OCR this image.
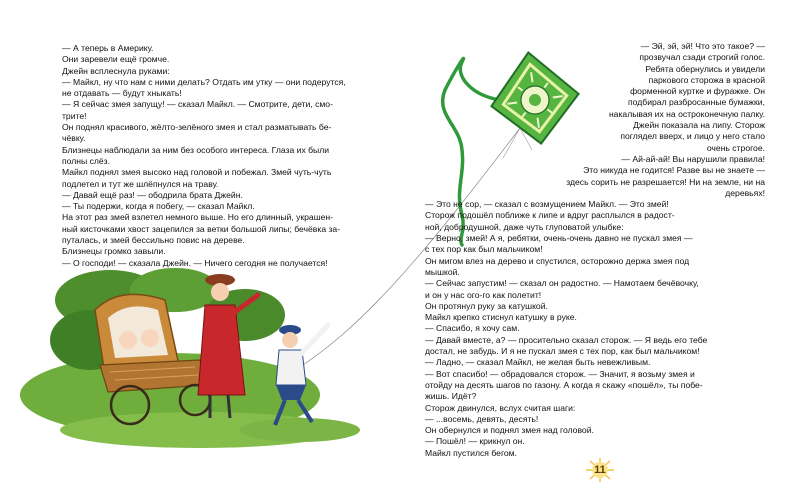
— А теперь в Америку.

Они заревели ещё громче.

Джейн всплеснула руками:

— Майкл, ну что нам с ними делать? Отдать им утку — они подерутся,

не отдавать — будут хныкать!

— Я сейчас змея запущу! — сказал Майкл. — Смотрите, дети, смо-

трите!

Он поднял красивого, жёлто-зелёного змея и стал разматывать бе-

чёвку.

Близнецы наблюдали за ним без особого интереса. Глаза их были

полны слёз.

Майкл поднял змея высоко над головой и побежал. Змей чуть-чуть

подлетел и тут же шлёпнулся на траву.

— Давай ещё раз! — ободрила брата Джейн.

— Ты подержи, когда я побегу, — сказал Майкл.

На этот раз змей взлетел немного выше. Но его длинный, украшен-

ный кисточками хвост зацепился за ветки большой липы; бечёвка за-

путалась, и змей бессильно повис на дереве.

Близнецы громко завыли.

— О господи! — сказала Джейн. — Ничего сегодня не получается!

— Эй, эй, эй! Что это такое? —

прозвучал сзади строгий голос.

Ребята обернулись и увидели

паркового сторожа в красной

форменной куртке и фуражке. Он

подбирал разбросанные бумажки,

накалывая их на остроконечную палку.

Джейн показала на липу. Сторож

поглядел вверх, и лицо у него стало

очень строгое.

— Ай-ай-ай! Вы нарушили правила!

Это никуда не годится! Разве вы не знаете —

здесь сорить не разрешается! Ни на земле, ни на

деревьях!

— Это не сор, — сказал с возмущением Майкл. — Это змей!

Сторож подошёл поближе к липе и вдруг расплылся в радост-

ной, добродушной, даже чуть глуповатой улыбке:

— Верно, змей! А я, ребятки, очень-очень давно не пускал змея —

с тех пор как был мальчиком!

Он мигом влез на дерево и спустился, осторожно держа змея под

мышкой.

— Сейчас запустим! — сказал он радостно. — Намотаем бечёвочку,

и он у нас ого-го как полетит!

Он протянул руку за катушкой.

Майкл крепко стиснул катушку в руке.

— Спасибо, я хочу сам.

— Давай вместе, а? — просительно сказал сторож. — Я ведь его тебе

достал, не забудь. И я не пускал змея с тех пор, как был мальчиком!

— Ладно, — сказал Майкл, не желая быть невежливым.

— Вот спасибо! — обрадовался сторож. — Значит, я возьму змея и

отойду на десять шагов по газону. А когда я скажу «пошёл», ты побе-

жишь. Идёт?

Сторож двинулся, вслух считая шаги:

— ...восемь, девять, десять!

Он обернулся и поднял змея над головой.

— Пошёл! — крикнул он.

Майкл пустился бегом.

11
